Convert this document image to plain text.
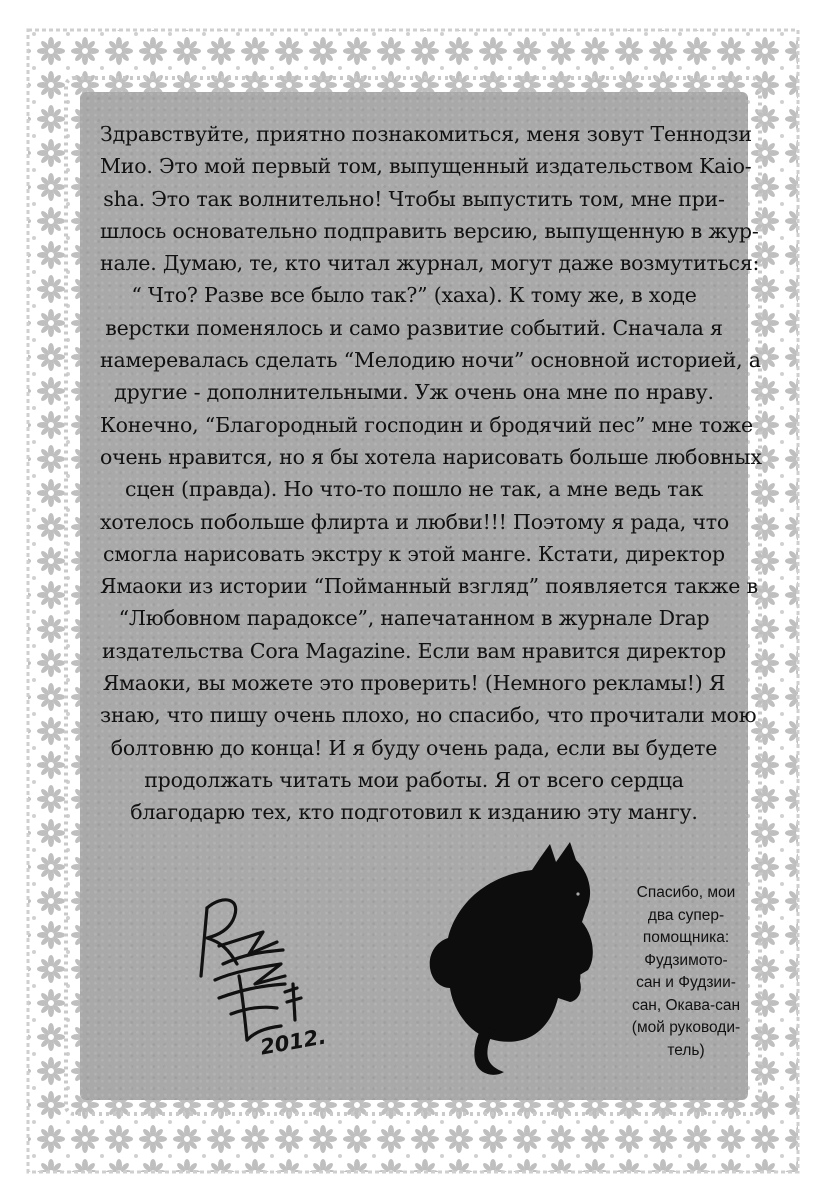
Здравствуйте, приятно познакомиться, меня зовут Теннодзи
Мио. Это мой первый том, выпущенный издательством Kaio-
sha. Это так волнительно! Чтобы выпустить том, мне при-
шлось основательно подправить версию, выпущенную в жур-
нале. Думаю, те, кто читал журнал, могут даже возмутиться:
“ Что? Разве все было так?” (хаха). К тому же, в ходе
верстки поменялось и само развитие событий. Сначала я
намеревалась сделать “Мелодию ночи” основной историей, а
другие - дополнительными. Уж очень она мне по нраву.
Конечно, “Благородный господин и бродячий пес” мне тоже
очень нравится, но я бы хотела нарисовать больше любовных
сцен (правда). Но что-то пошло не так, а мне ведь так
хотелось побольше флирта и любви!!! Поэтому я рада, что
смогла нарисовать экстру к этой манге. Кстати, директор
Ямаоки из истории “Пойманный взгляд” появляется также в
“Любовном парадоксе”, напечатанном в журнале Drap
издательства Cora Magazine. Если вам нравится директор
Ямаоки, вы можете это проверить! (Немного рекламы!) Я
знаю, что пишу очень плохо, но спасибо, что прочитали мою
болтовню до конца! И я буду очень рада, если вы будете
продолжать читать мои работы. Я от всего сердца
благодарю тех, кто подготовил к изданию эту мангу.

2012.

Спасибо, мои
два супер-
помощника:
Фудзимото-
сан и Фудзии-
сан, Окава-сан
(мой руководи-
тель)
